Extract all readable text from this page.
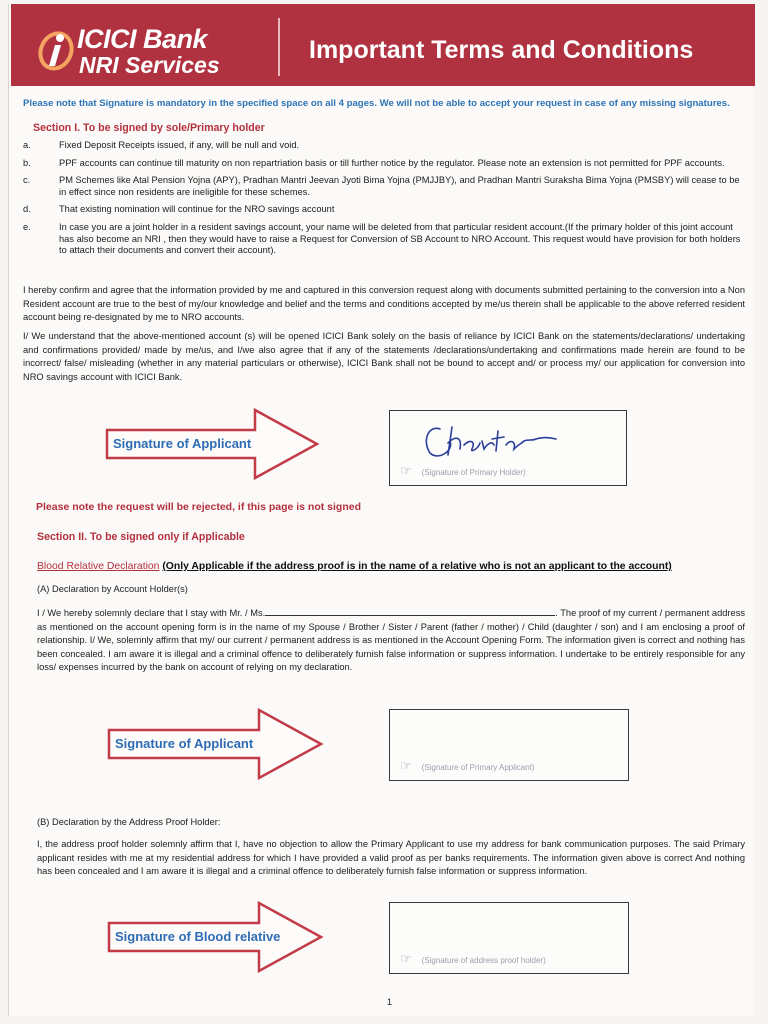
ICICI Bank
NRI Services
Important Terms and Conditions
Please note that Signature is mandatory in the specified space on all 4 pages. We will not be able to accept your request in case of any missing signatures.
Section I. To be signed by sole/Primary holder
a.	Fixed Deposit Receipts issued, if any, will be null and void.
b.	PPF accounts can continue till maturity on non repartriation basis or till further notice by the regulator. Please note an extension is not permitted for PPF accounts.
c.	PM Schemes like Atal Pension Yojna (APY), Pradhan Mantri Jeevan Jyoti Bima Yojna (PMJJBY), and Pradhan Mantri Suraksha Bima Yojna (PMSBY) will cease to be in effect since non residents are ineligible for these schemes.
d.	That existing nomination will continue for the NRO savings account
e.	In case you are a joint holder in a resident savings account, your name will be deleted from that particular resident account.(If the primary holder of this joint account has also become an NRI , then they would have to raise a Request for Conversion of SB Account to NRO Account. This request would have provision for both holders to attach their documents and convert their account).
I hereby confirm and agree that the information provided by me and captured in this conversion request along with documents submitted pertaining to the conversion into a Non Resident account are true to the best of my/our knowledge and belief and the terms and conditions accepted by me/us therein shall be applicable to the above referred resident account being re-designated by me to NRO accounts.
I/ We understand that the above-mentioned account (s) will be opened ICICI Bank solely on the basis of reliance by ICICI Bank on the statements/declarations/ undertaking and confirmations provided/ made by me/us, and I/we also agree that if any of the statements /declarations/undertaking and confirmations made herein are found to be incorrect/ false/ misleading (whether in any material particulars or otherwise), ICICI Bank shall not be bound to accept and/ or process my/ our application for conversion into NRO savings account with ICICI Bank.
Signature of Applicant
☞ (Signature of Primary Holder)
Please note the request will be rejected, if this page is not signed
Section II. To be signed only if Applicable
Blood Relative Declaration (Only Applicable if the address proof is in the name of a relative who is not an applicant to the account)
(A) Declaration by Account Holder(s)
I / We hereby solemnly declare that I stay with Mr. / Ms.	. The proof of my current / permanent address as mentioned on the account opening form is in the name of my Spouse / Brother / Sister / Parent (father / mother) / Child (daughter / son) and I am enclosing a proof of relationship. I/ We, solemnly affirm that my/ our current / permanent address is as mentioned in the Account Opening Form. The information given is correct and nothing has been concealed. I am aware it is illegal and a criminal offence to deliberately furnish false information or suppress information. I undertake to be entirely responsible for any loss/ expenses incurred by the bank on account of relying on my declaration.
Signature of Applicant
☞ (Signature of Primary Applicant)
(B) Declaration by the Address Proof Holder:
I, the address proof holder solemnly affirm that I, have no objection to allow the Primary Applicant to use my address for bank communication purposes. The said Primary applicant resides with me at my residential address for which I have provided a valid proof as per banks requirements. The information given above is correct And nothing has been concealed and I am aware it is illegal and a criminal offence to deliberately furnish false information or suppress information.
Signature of Blood relative
☞ (Signature of address proof holder)
1
